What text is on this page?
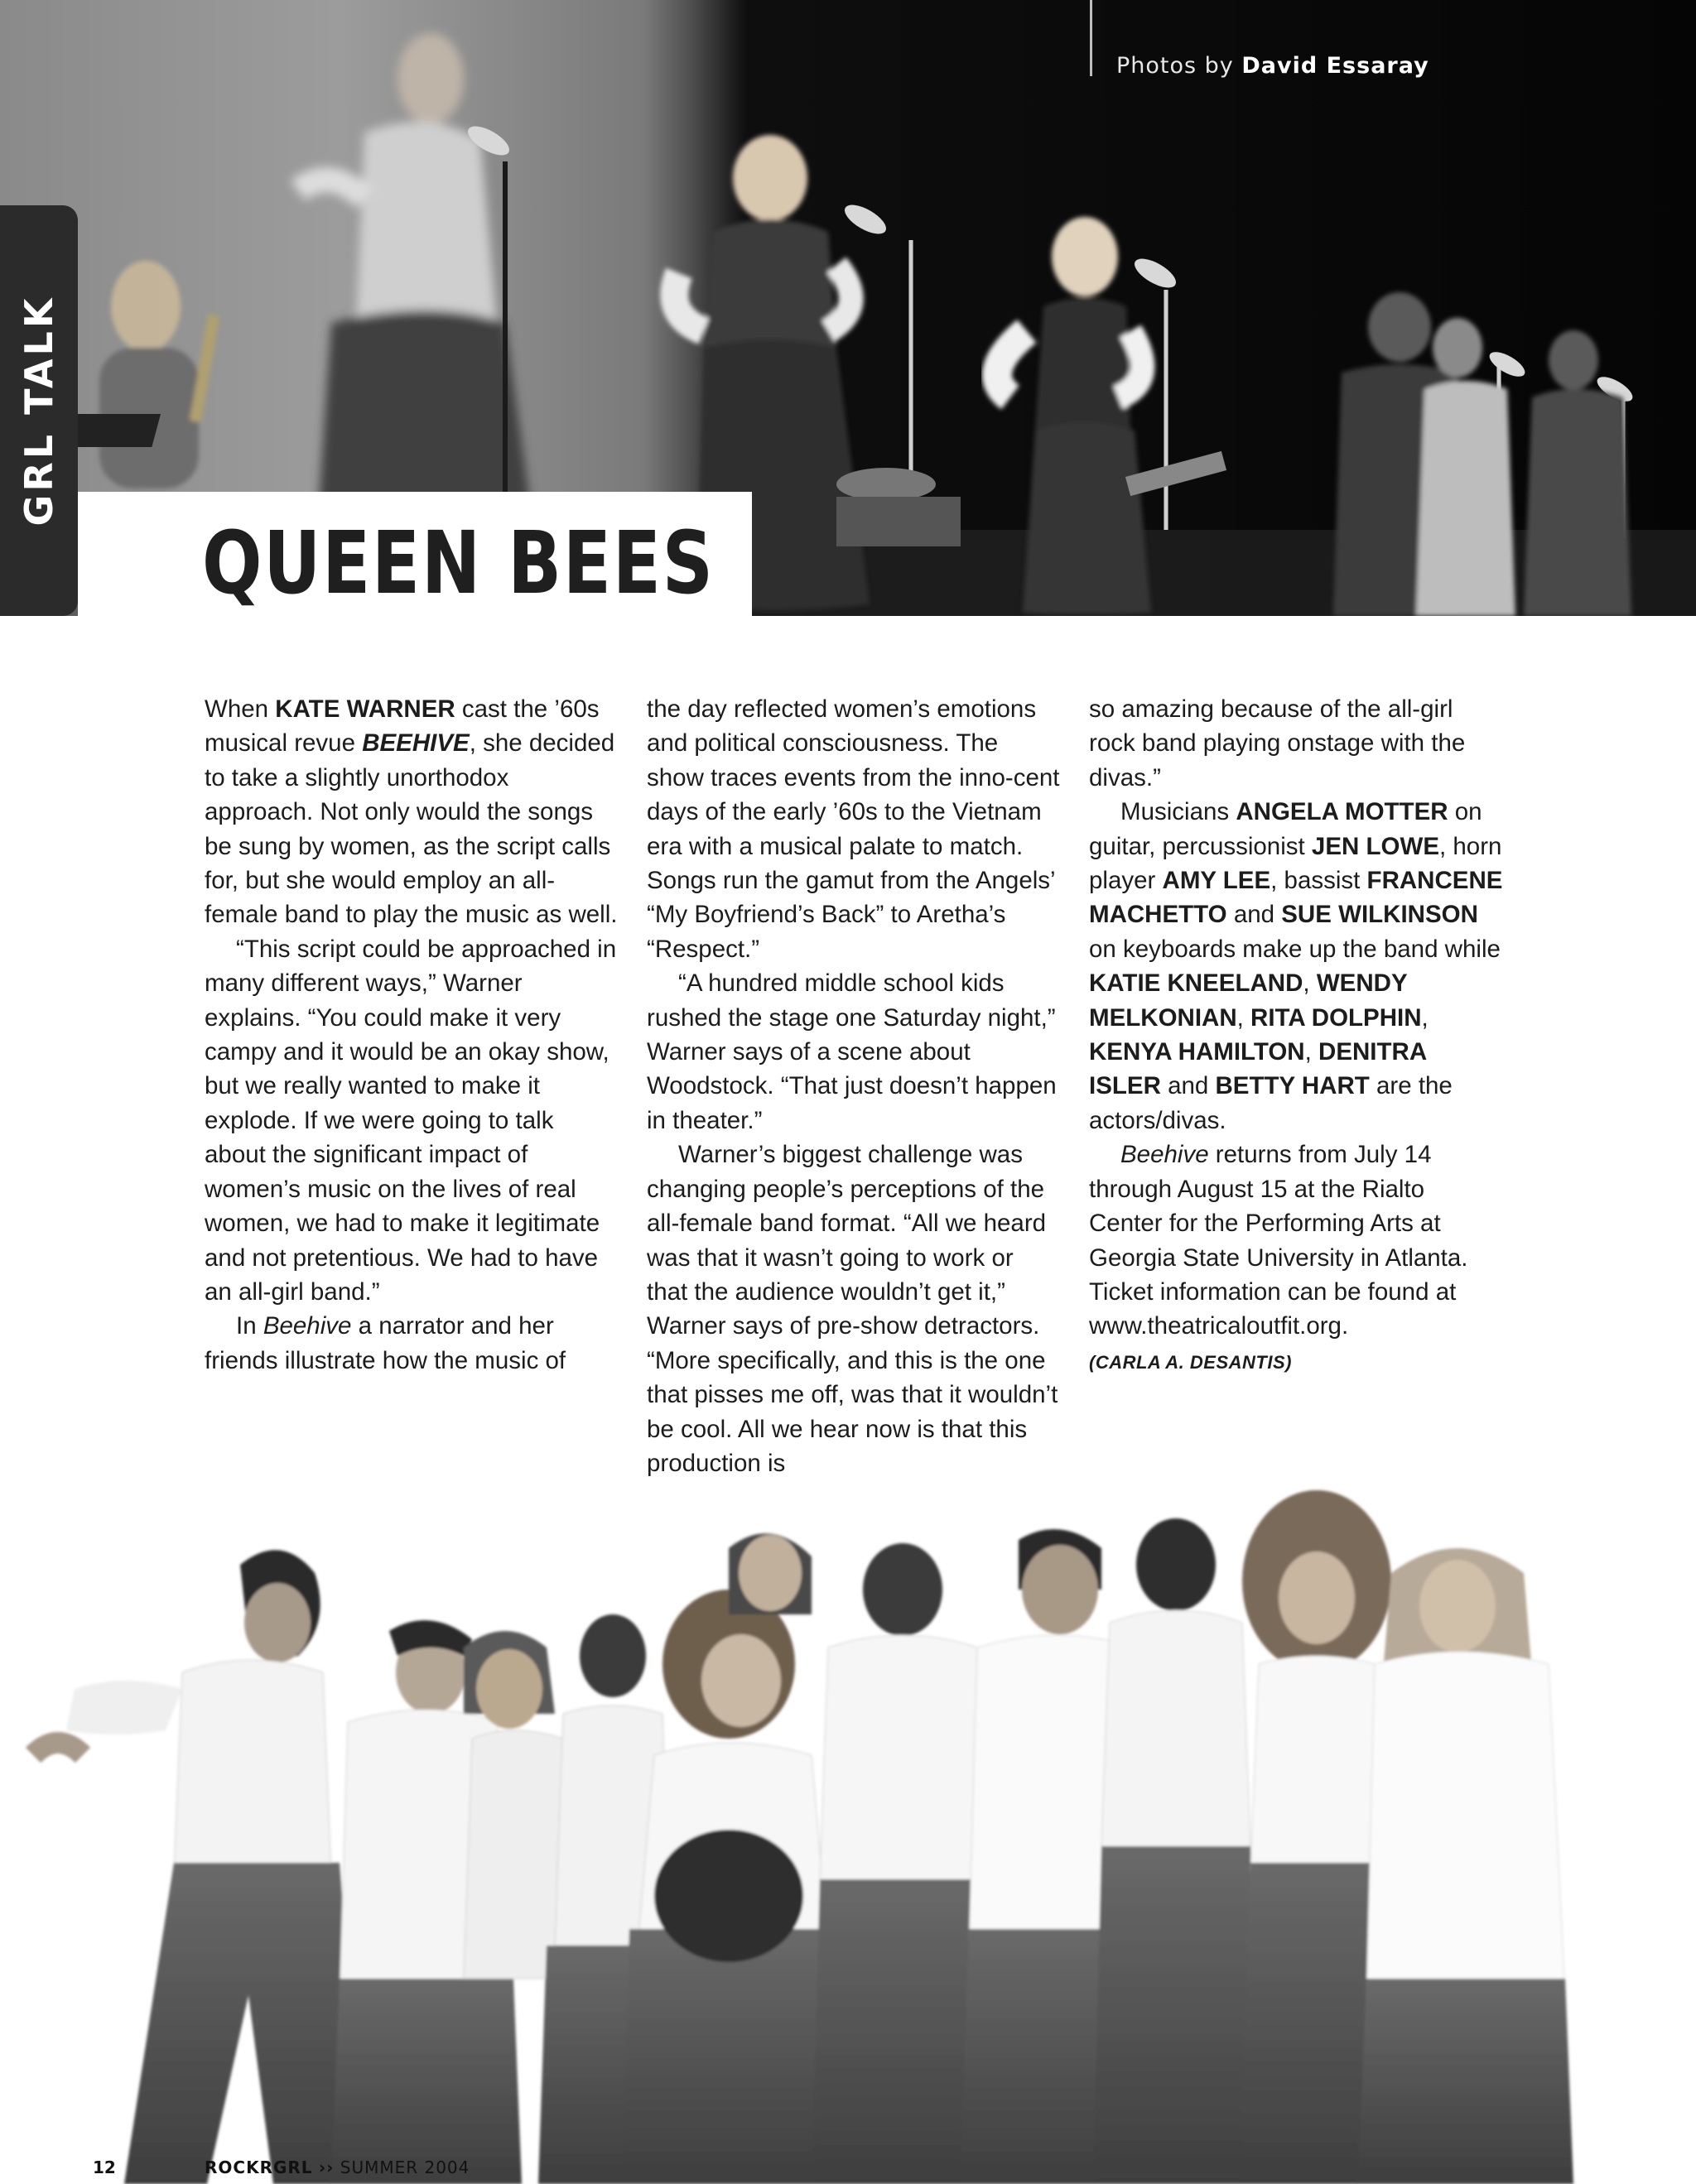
Photos by David Essaray
GRL TALK
QUEEN BEES

When KATE WARNER cast the ’60s musical revue BEEHIVE, she decided to take a slightly unorthodox approach. Not only would the songs be sung by women, as the script calls for, but she would employ an all-female band to play the music as well.

“This script could be approached in many different ways,” Warner explains. “You could make it very campy and it would be an okay show, but we really wanted to make it explode. If we were going to talk about the significant impact of women’s music on the lives of real women, we had to make it legitimate and not pretentious. We had to have an all-girl band.”

In Beehive a narrator and her friends illustrate how the music of

the day reflected women’s emotions and political consciousness. The show traces events from the inno-cent days of the early ’60s to the Vietnam era with a musical palate to match. Songs run the gamut from the Angels’ “My Boyfriend’s Back” to Aretha’s “Respect.”

“A hundred middle school kids rushed the stage one Saturday night,” Warner says of a scene about Woodstock. “That just doesn’t happen in theater.”

Warner’s biggest challenge was changing people’s perceptions of the all-female band format. “All we heard was that it wasn’t going to work or that the audience wouldn’t get it,” Warner says of pre-show detractors. “More specifically, and this is the one that pisses me off, was that it wouldn’t be cool. All we hear now is that this production is

so amazing because of the all-girl rock band playing onstage with the divas.”

Musicians ANGELA MOTTER on guitar, percussionist JEN LOWE, horn player AMY LEE, bassist FRANCENE MACHETTO and SUE WILKINSON on keyboards make up the band while KATIE KNEELAND, WENDY MELKONIAN, RITA DOLPHIN, KENYA HAMILTON, DENITRA ISLER and BETTY HART are the actors/divas.

Beehive returns from July 14 through August 15 at the Rialto Center for the Performing Arts at Georgia State University in Atlanta. Ticket information can be found at www.theatricaloutfit.org.

(CARLA A. DESANTIS)

12	ROCKRGRL ›› SUMMER 2004
